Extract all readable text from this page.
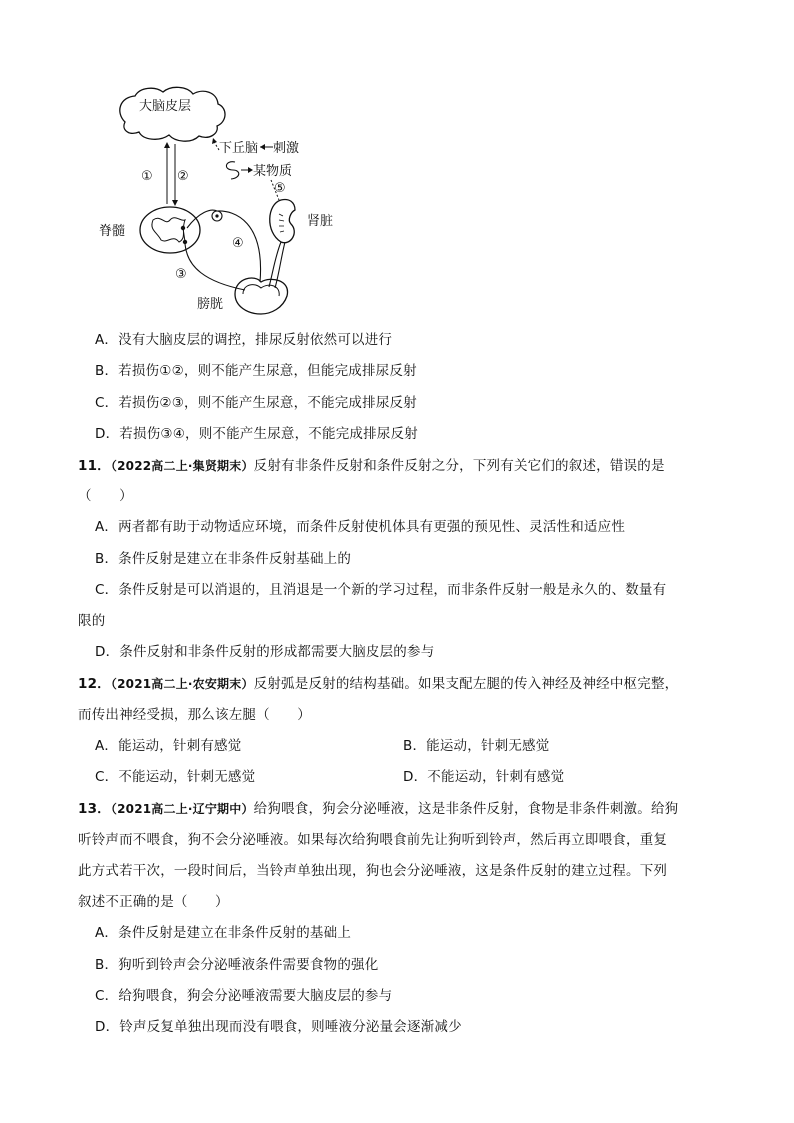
大脑皮层
下丘脑 刺激
某物质
⑤
① ②
脊髓
④
③
肾脏
膀胱
A．没有大脑皮层的调控，排尿反射依然可以进行
B．若损伤①②，则不能产生尿意，但能完成排尿反射
C．若损伤②③，则不能产生尿意，不能完成排尿反射
D．若损伤③④，则不能产生尿意，不能完成排尿反射
11．（2022高二上·集贤期末）反射有非条件反射和条件反射之分，下列有关它们的叙述，错误的是
（　　）
A．两者都有助于动物适应环境，而条件反射使机体具有更强的预见性、灵活性和适应性
B．条件反射是建立在非条件反射基础上的
C．条件反射是可以消退的，且消退是一个新的学习过程，而非条件反射一般是永久的、数量有
限的
D．条件反射和非条件反射的形成都需要大脑皮层的参与
12．（2021高二上·农安期末）反射弧是反射的结构基础。如果支配左腿的传入神经及神经中枢完整，
而传出神经受损，那么该左腿（　　）
A．能运动，针刺有感觉	B．能运动，针刺无感觉
C．不能运动，针刺无感觉	D．不能运动，针刺有感觉
13．（2021高二上·辽宁期中）给狗喂食，狗会分泌唾液，这是非条件反射，食物是非条件刺激。给狗
听铃声而不喂食，狗不会分泌唾液。如果每次给狗喂食前先让狗听到铃声，然后再立即喂食，重复
此方式若干次，一段时间后，当铃声单独出现，狗也会分泌唾液，这是条件反射的建立过程。下列
叙述不正确的是（　　）
A．条件反射是建立在非条件反射的基础上
B．狗听到铃声会分泌唾液条件需要食物的强化
C．给狗喂食，狗会分泌唾液需要大脑皮层的参与
D．铃声反复单独出现而没有喂食，则唾液分泌量会逐渐减少
